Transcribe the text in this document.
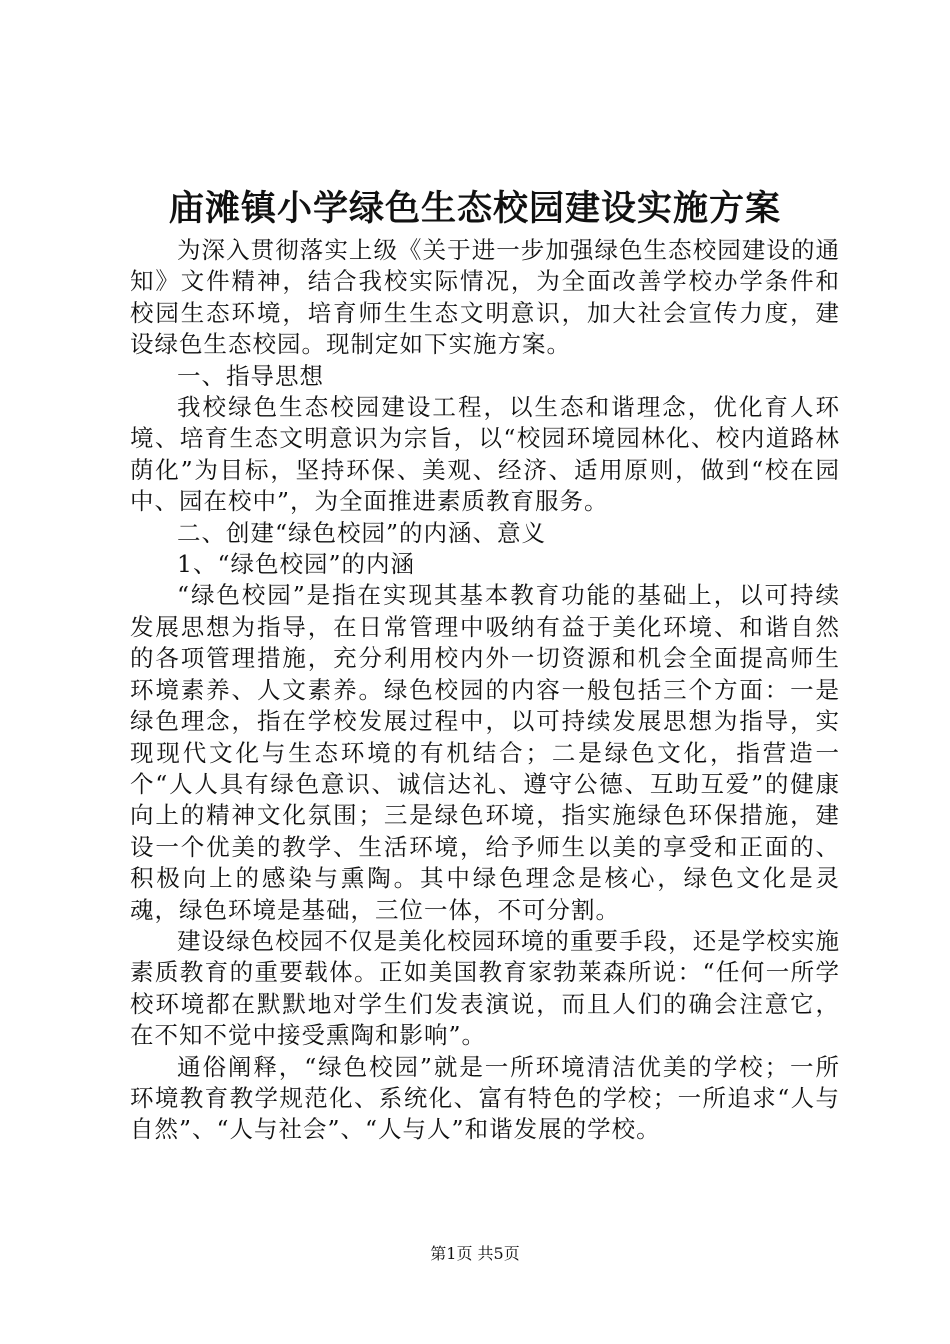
庙滩镇小学绿色生态校园建设实施方案

为深入贯彻落实上级《关于进一步加强绿色生态校园建设的通知》文件精神，结合我校实际情况，为全面改善学校办学条件和校园生态环境，培育师生生态文明意识，加大社会宣传力度，建设绿色生态校园。现制定如下实施方案。

一、指导思想

我校绿色生态校园建设工程，以生态和谐理念，优化育人环境、培育生态文明意识为宗旨，以“校园环境园林化、校内道路林荫化”为目标，坚持环保、美观、经济、适用原则，做到“校在园中、园在校中”，为全面推进素质教育服务。

二、创建“绿色校园”的内涵、意义

1、“绿色校园”的内涵

“绿色校园”是指在实现其基本教育功能的基础上，以可持续发展思想为指导，在日常管理中吸纳有益于美化环境、和谐自然的各项管理措施，充分利用校内外一切资源和机会全面提高师生环境素养、人文素养。绿色校园的内容一般包括三个方面：一是绿色理念，指在学校发展过程中，以可持续发展思想为指导，实现现代文化与生态环境的有机结合；二是绿色文化，指营造一个“人人具有绿色意识、诚信达礼、遵守公德、互助互爱”的健康向上的精神文化氛围；三是绿色环境，指实施绿色环保措施，建设一个优美的教学、生活环境，给予师生以美的享受和正面的、积极向上的感染与熏陶。其中绿色理念是核心，绿色文化是灵魂，绿色环境是基础，三位一体，不可分割。

建设绿色校园不仅是美化校园环境的重要手段，还是学校实施素质教育的重要载体。正如美国教育家勃莱森所说：“任何一所学校环境都在默默地对学生们发表演说，而且人们的确会注意它，在不知不觉中接受熏陶和影响”。

通俗阐释，“绿色校园”就是一所环境清洁优美的学校；一所环境教育教学规范化、系统化、富有特色的学校；一所追求“人与自然”、“人与社会”、“人与人”和谐发展的学校。

第1页 共5页
